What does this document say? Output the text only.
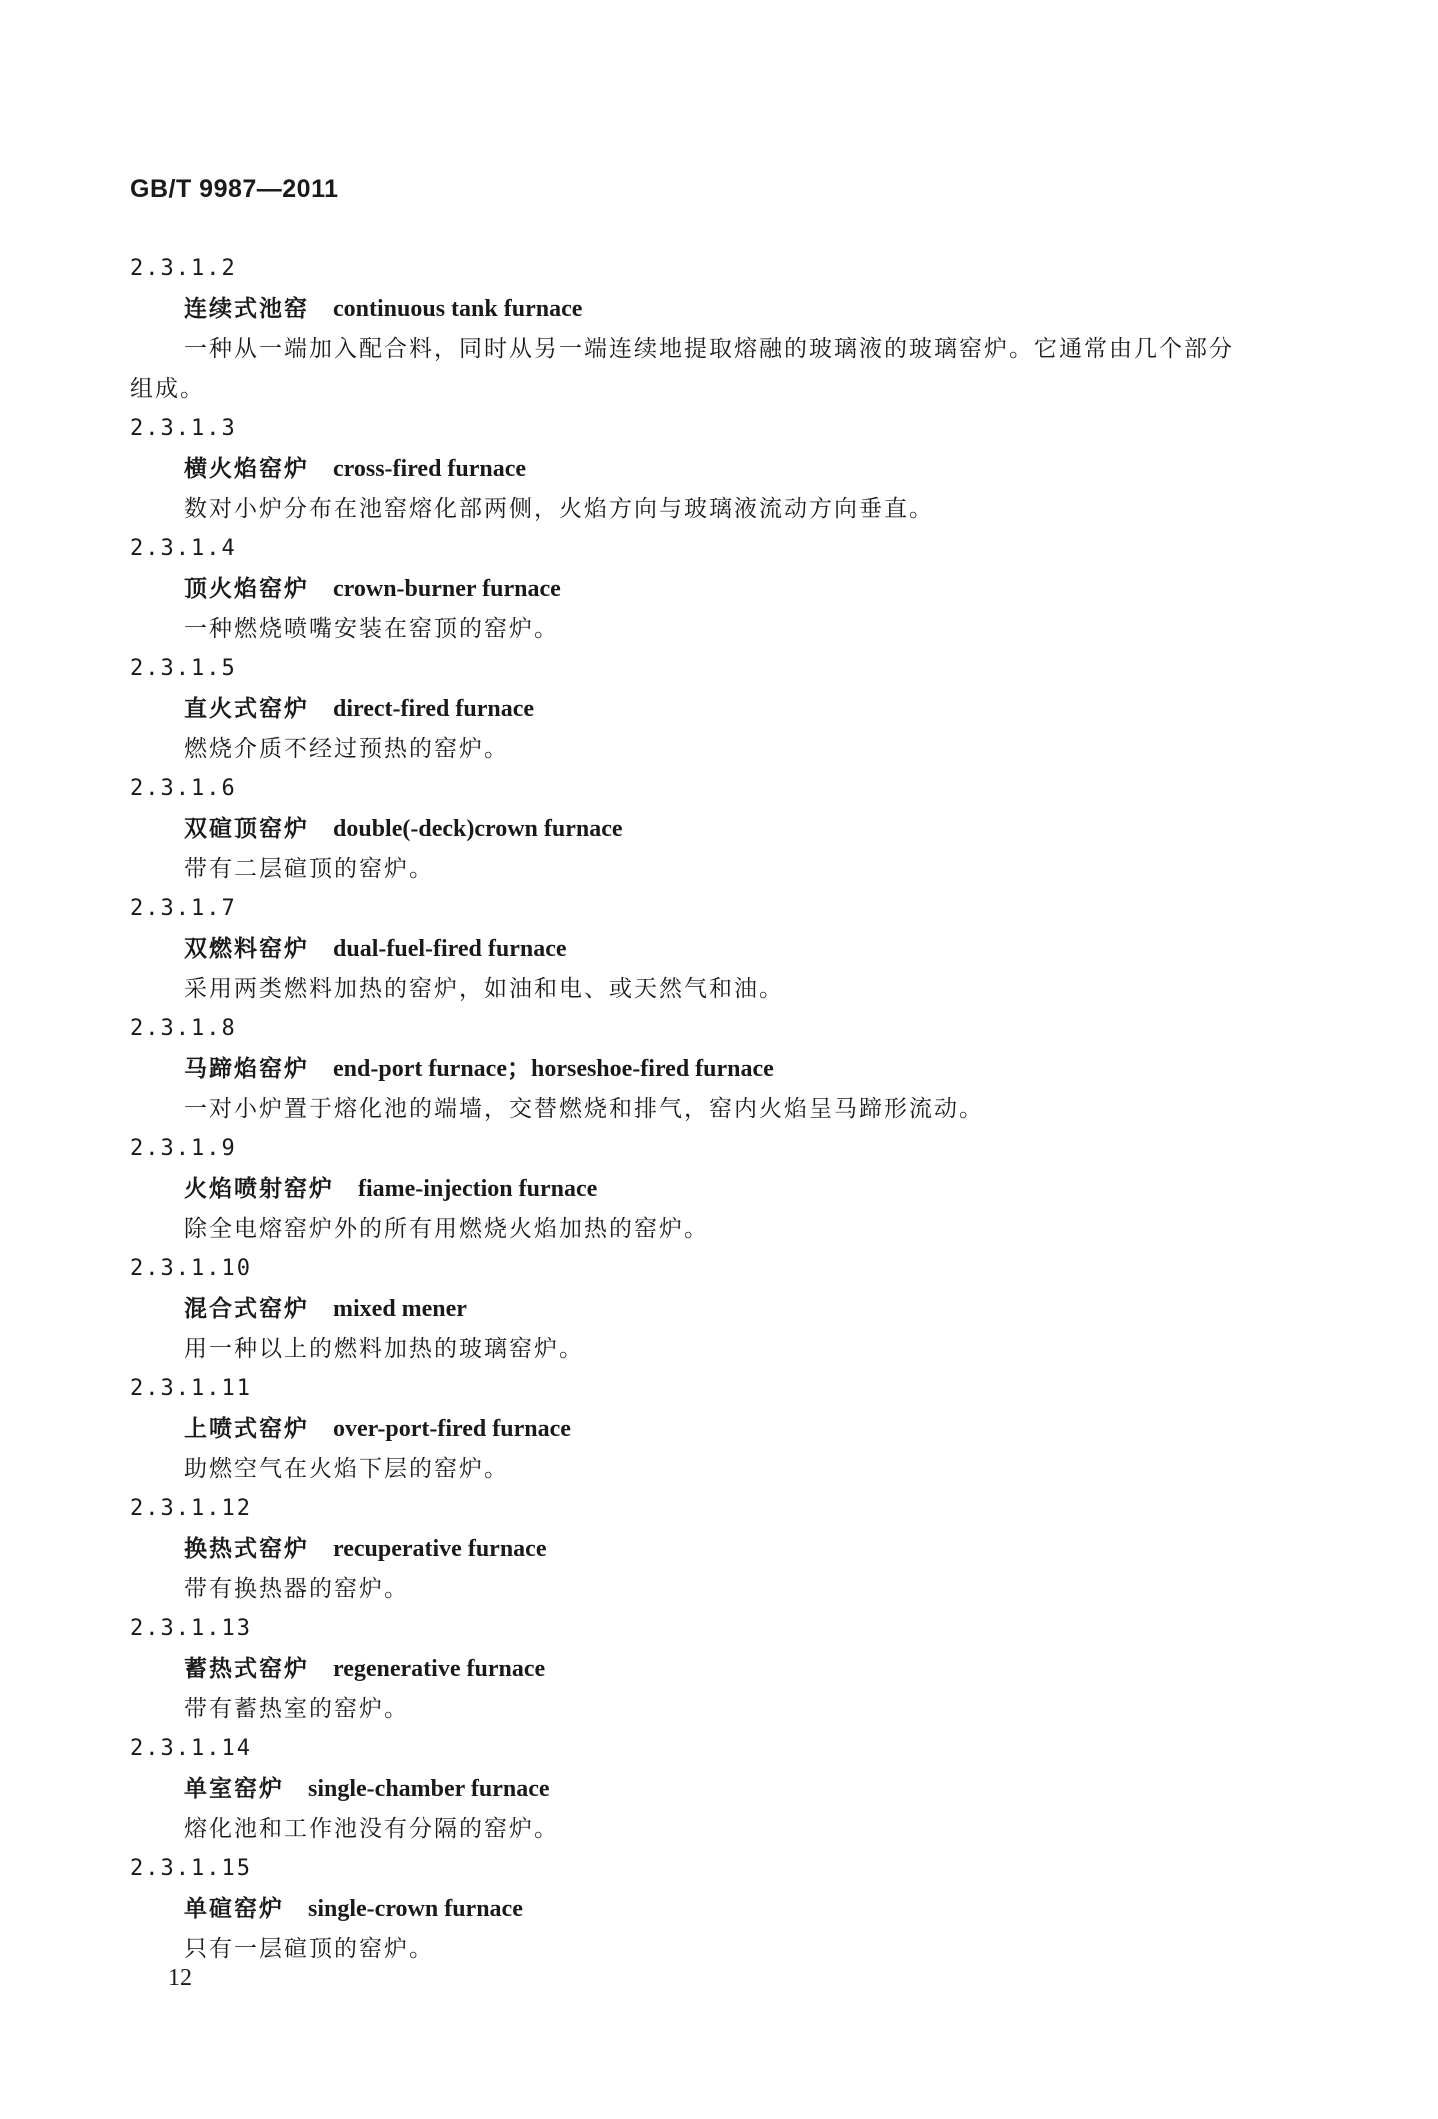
GB/T 9987—2011

2.3.1.2
连续式池窑 continuous tank furnace
一种从一端加入配合料，同时从另一端连续地提取熔融的玻璃液的玻璃窑炉。它通常由几个部分
组成。
2.3.1.3
横火焰窑炉 cross-fired furnace
数对小炉分布在池窑熔化部两侧，火焰方向与玻璃液流动方向垂直。
2.3.1.4
顶火焰窑炉 crown-burner furnace
一种燃烧喷嘴安装在窑顶的窑炉。
2.3.1.5
直火式窑炉 direct-fired furnace
燃烧介质不经过预热的窑炉。
2.3.1.6
双碹顶窑炉 double(-deck)crown furnace
带有二层碹顶的窑炉。
2.3.1.7
双燃料窑炉 dual-fuel-fired furnace
采用两类燃料加热的窑炉，如油和电、或天然气和油。
2.3.1.8
马蹄焰窑炉 end-port furnace；horseshoe-fired furnace
一对小炉置于熔化池的端墙，交替燃烧和排气，窑内火焰呈马蹄形流动。
2.3.1.9
火焰喷射窑炉 fiame-injection furnace
除全电熔窑炉外的所有用燃烧火焰加热的窑炉。
2.3.1.10
混合式窑炉 mixed mener
用一种以上的燃料加热的玻璃窑炉。
2.3.1.11
上喷式窑炉 over-port-fired furnace
助燃空气在火焰下层的窑炉。
2.3.1.12
换热式窑炉 recuperative furnace
带有换热器的窑炉。
2.3.1.13
蓄热式窑炉 regenerative furnace
带有蓄热室的窑炉。
2.3.1.14
单室窑炉 single-chamber furnace
熔化池和工作池没有分隔的窑炉。
2.3.1.15
单碹窑炉 single-crown furnace
只有一层碹顶的窑炉。

12
